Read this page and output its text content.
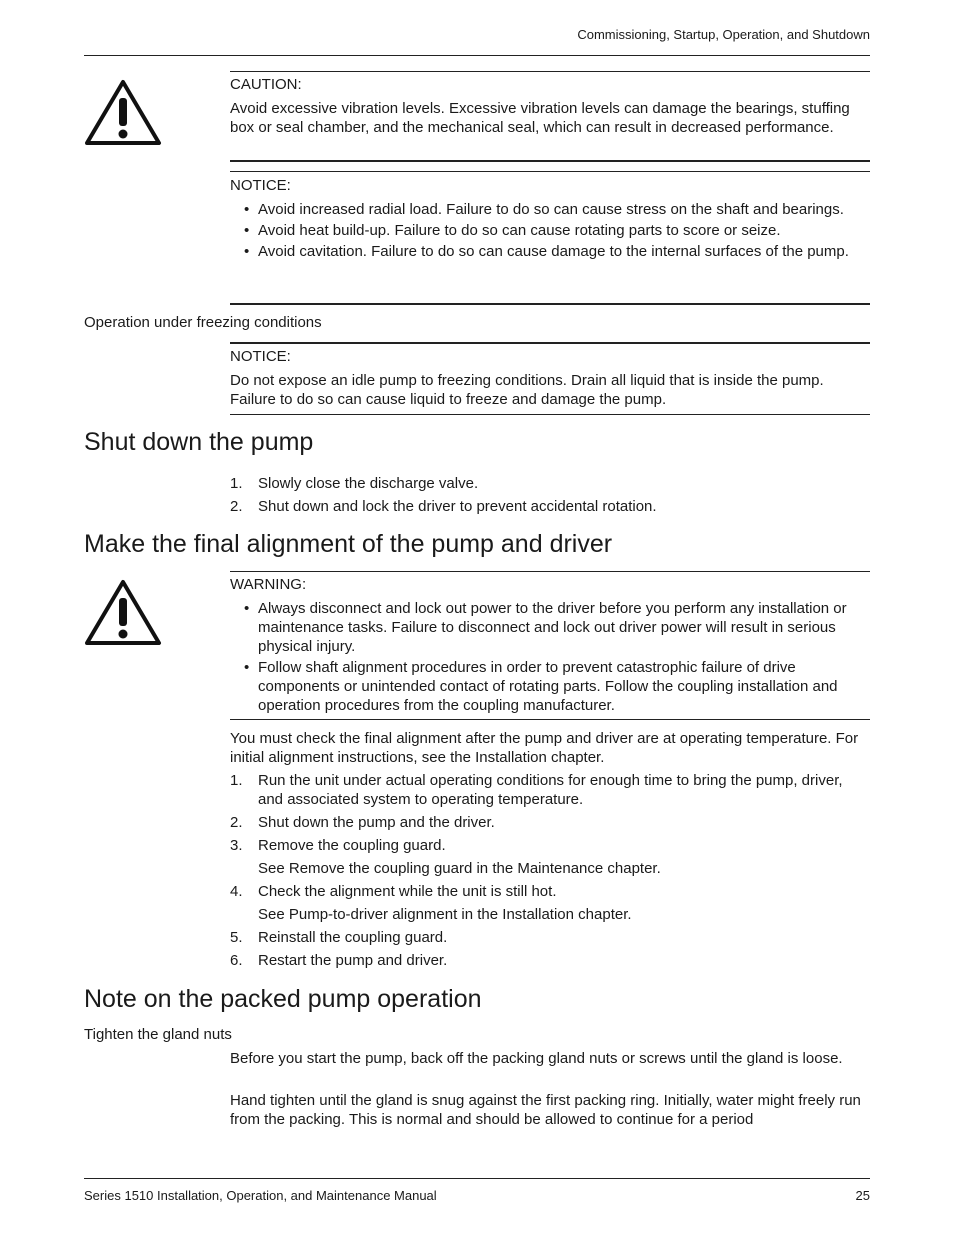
Commissioning, Startup, Operation, and Shutdown
CAUTION:
Avoid excessive vibration levels. Excessive vibration levels can damage the bearings, stuffing box or seal chamber, and the mechanical seal, which can result in decreased performance.
NOTICE:
• Avoid increased radial load. Failure to do so can cause stress on the shaft and bearings.
• Avoid heat build-up. Failure to do so can cause rotating parts to score or seize.
• Avoid cavitation. Failure to do so can cause damage to the internal surfaces of the pump.
Operation under freezing conditions
NOTICE:
Do not expose an idle pump to freezing conditions. Drain all liquid that is inside the pump. Failure to do so can cause liquid to freeze and damage the pump.
Shut down the pump
1. Slowly close the discharge valve.
2. Shut down and lock the driver to prevent accidental rotation.
Make the final alignment of the pump and driver
WARNING:
• Always disconnect and lock out power to the driver before you perform any installation or maintenance tasks. Failure to disconnect and lock out driver power will result in serious physical injury.
• Follow shaft alignment procedures in order to prevent catastrophic failure of drive components or unintended contact of rotating parts. Follow the coupling installation and operation procedures from the coupling manufacturer.
You must check the final alignment after the pump and driver are at operating temperature. For initial alignment instructions, see the Installation chapter.
1. Run the unit under actual operating conditions for enough time to bring the pump, driver, and associated system to operating temperature.
2. Shut down the pump and the driver.
3. Remove the coupling guard.
See Remove the coupling guard in the Maintenance chapter.
4. Check the alignment while the unit is still hot.
See Pump-to-driver alignment in the Installation chapter.
5. Reinstall the coupling guard.
6. Restart the pump and driver.
Note on the packed pump operation
Tighten the gland nuts
Before you start the pump, back off the packing gland nuts or screws until the gland is loose.
Hand tighten until the gland is snug against the first packing ring. Initially, water might freely run from the packing. This is normal and should be allowed to continue for a period
Series 1510 Installation, Operation, and Maintenance Manual	25
